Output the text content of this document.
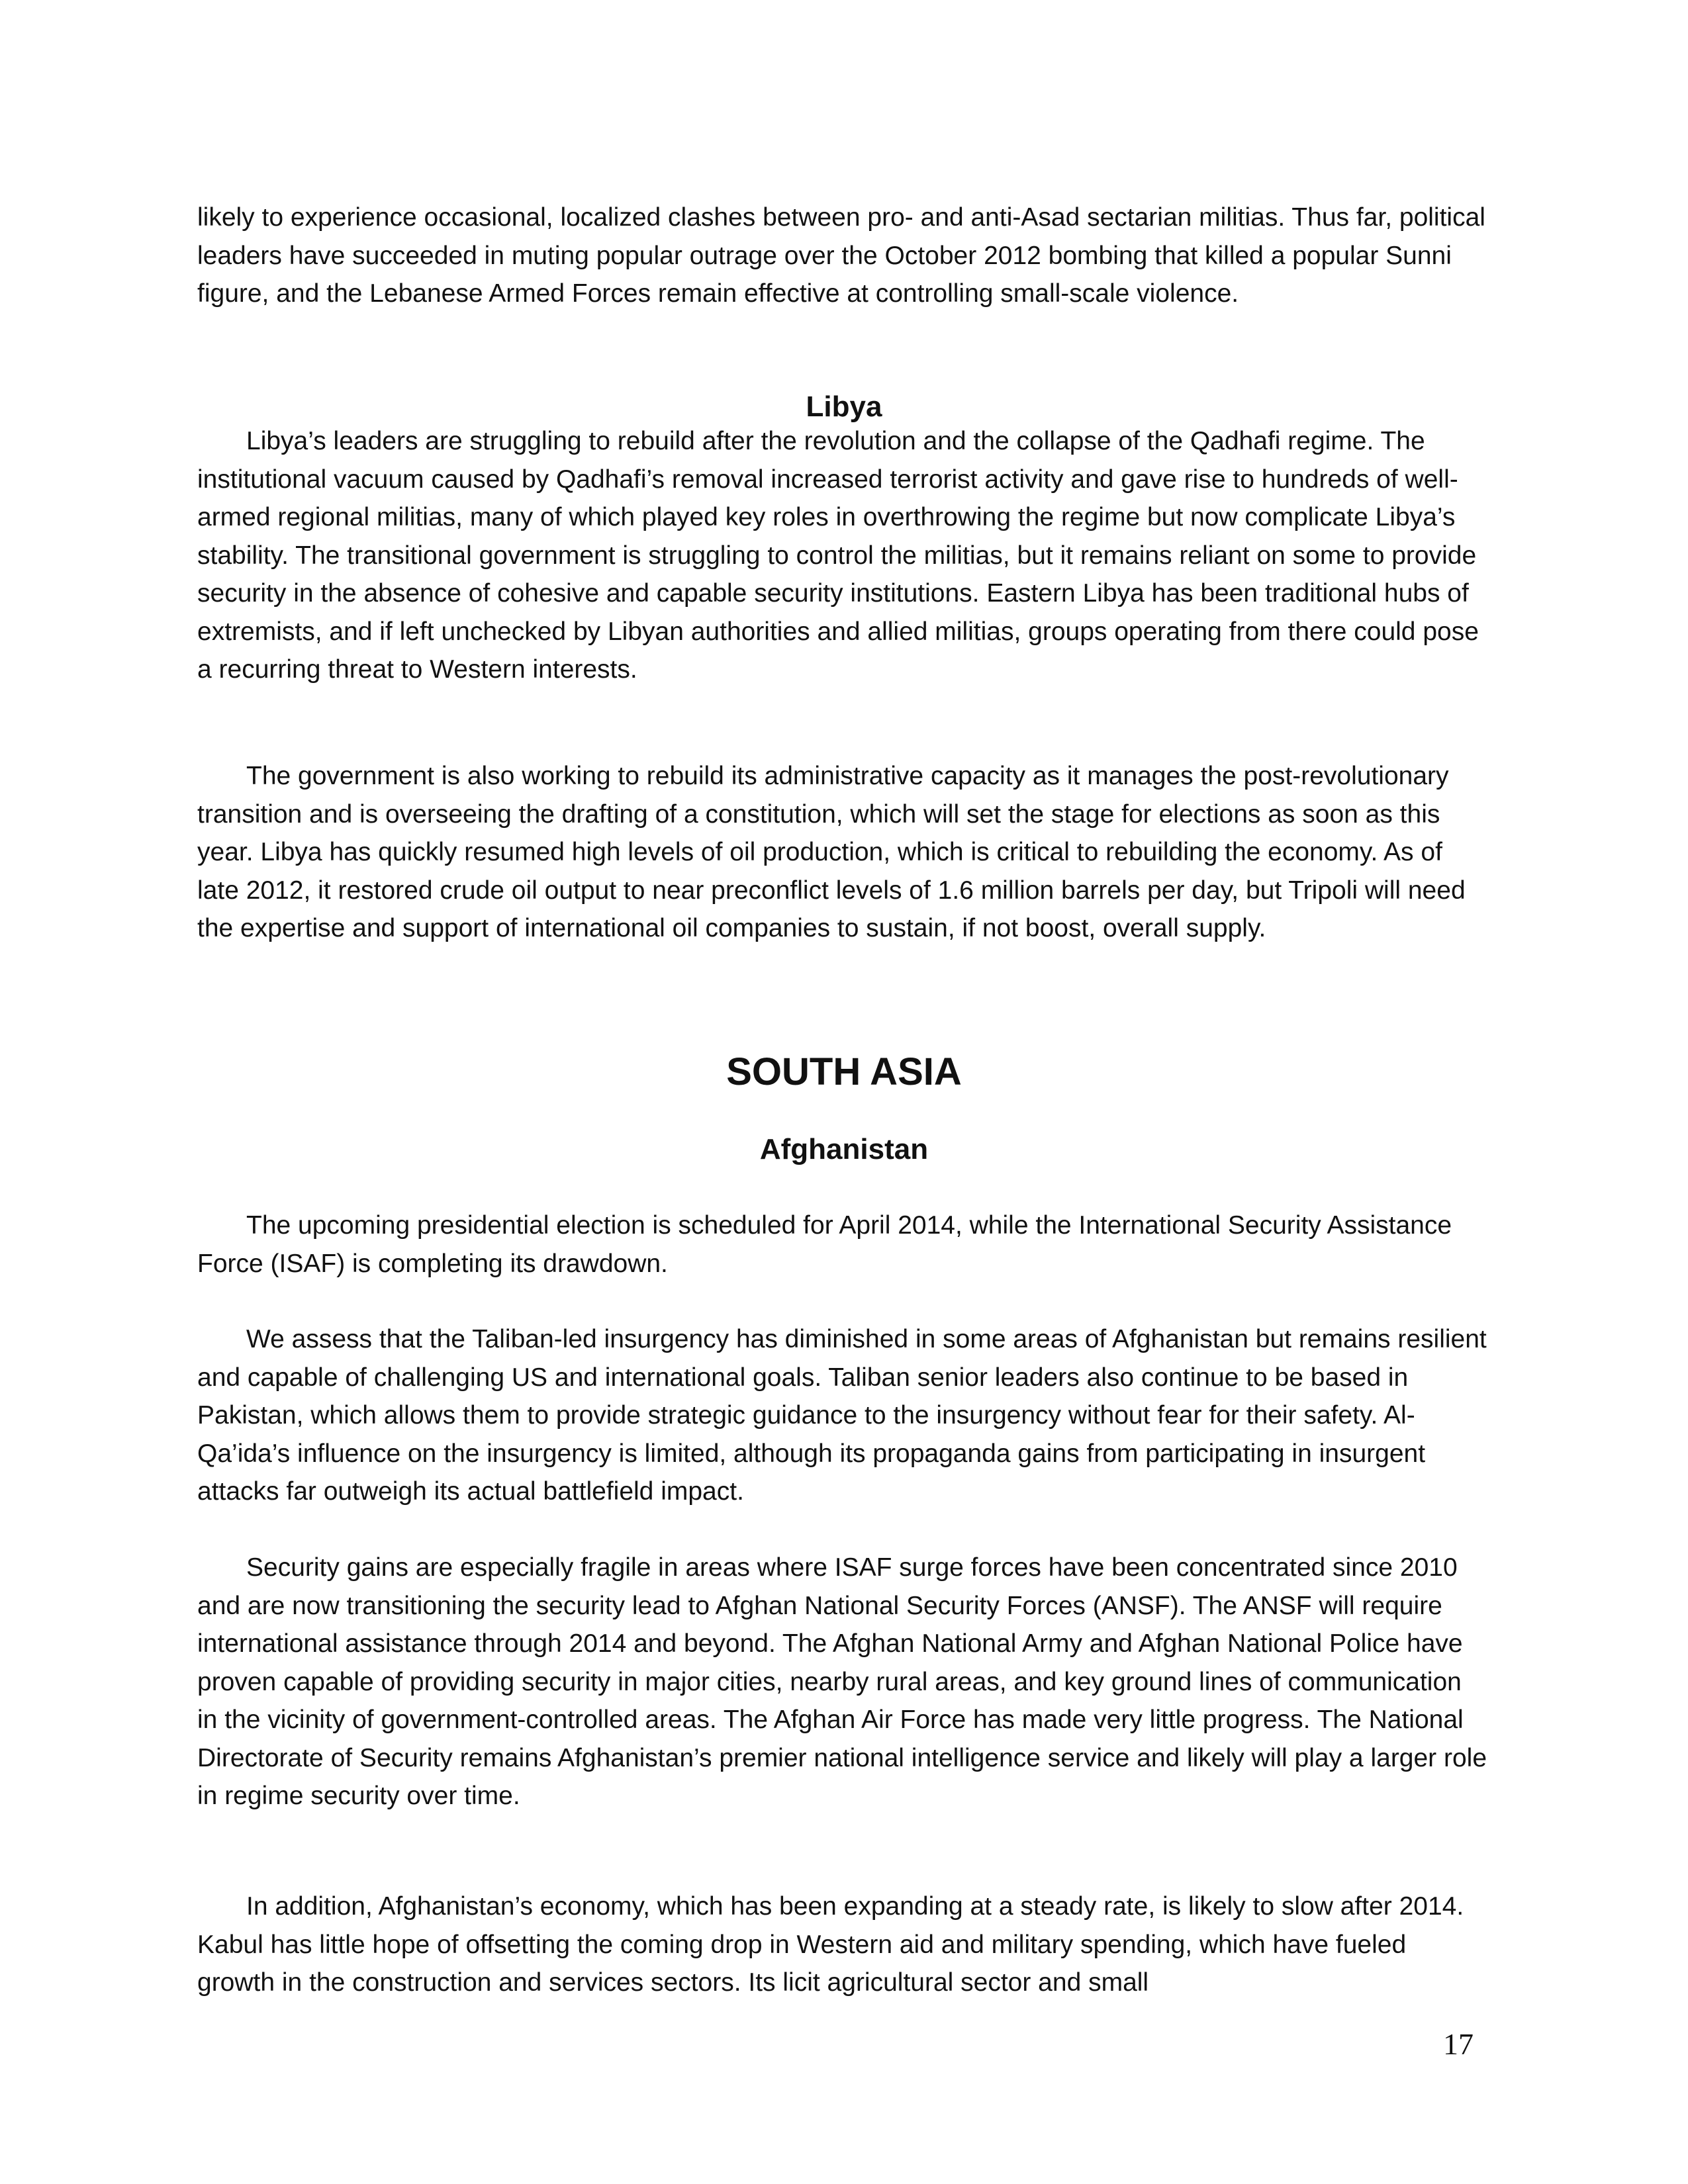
likely to experience occasional, localized clashes between pro- and anti-Asad sectarian militias. Thus far, political leaders have succeeded in muting popular outrage over the October 2012 bombing that killed a popular Sunni figure, and the Lebanese Armed Forces remain effective at controlling small-scale violence.

Libya

Libya’s leaders are struggling to rebuild after the revolution and the collapse of the Qadhafi regime. The institutional vacuum caused by Qadhafi’s removal increased terrorist activity and gave rise to hundreds of well-armed regional militias, many of which played key roles in overthrowing the regime but now complicate Libya’s stability. The transitional government is struggling to control the militias, but it remains reliant on some to provide security in the absence of cohesive and capable security institutions. Eastern Libya has been traditional hubs of extremists, and if left unchecked by Libyan authorities and allied militias, groups operating from there could pose a recurring threat to Western interests.

The government is also working to rebuild its administrative capacity as it manages the post-revolutionary transition and is overseeing the drafting of a constitution, which will set the stage for elections as soon as this year. Libya has quickly resumed high levels of oil production, which is critical to rebuilding the economy. As of late 2012, it restored crude oil output to near preconflict levels of 1.6 million barrels per day, but Tripoli will need the expertise and support of international oil companies to sustain, if not boost, overall supply.

SOUTH ASIA
Afghanistan

The upcoming presidential election is scheduled for April 2014, while the International Security Assistance Force (ISAF) is completing its drawdown.

We assess that the Taliban-led insurgency has diminished in some areas of Afghanistan but remains resilient and capable of challenging US and international goals. Taliban senior leaders also continue to be based in Pakistan, which allows them to provide strategic guidance to the insurgency without fear for their safety. Al-Qa’ida’s influence on the insurgency is limited, although its propaganda gains from participating in insurgent attacks far outweigh its actual battlefield impact.

Security gains are especially fragile in areas where ISAF surge forces have been concentrated since 2010 and are now transitioning the security lead to Afghan National Security Forces (ANSF). The ANSF will require international assistance through 2014 and beyond. The Afghan National Army and Afghan National Police have proven capable of providing security in major cities, nearby rural areas, and key ground lines of communication in the vicinity of government-controlled areas. The Afghan Air Force has made very little progress. The National Directorate of Security remains Afghanistan’s premier national intelligence service and likely will play a larger role in regime security over time.

In addition, Afghanistan’s economy, which has been expanding at a steady rate, is likely to slow after 2014. Kabul has little hope of offsetting the coming drop in Western aid and military spending, which have fueled growth in the construction and services sectors. Its licit agricultural sector and small

17
